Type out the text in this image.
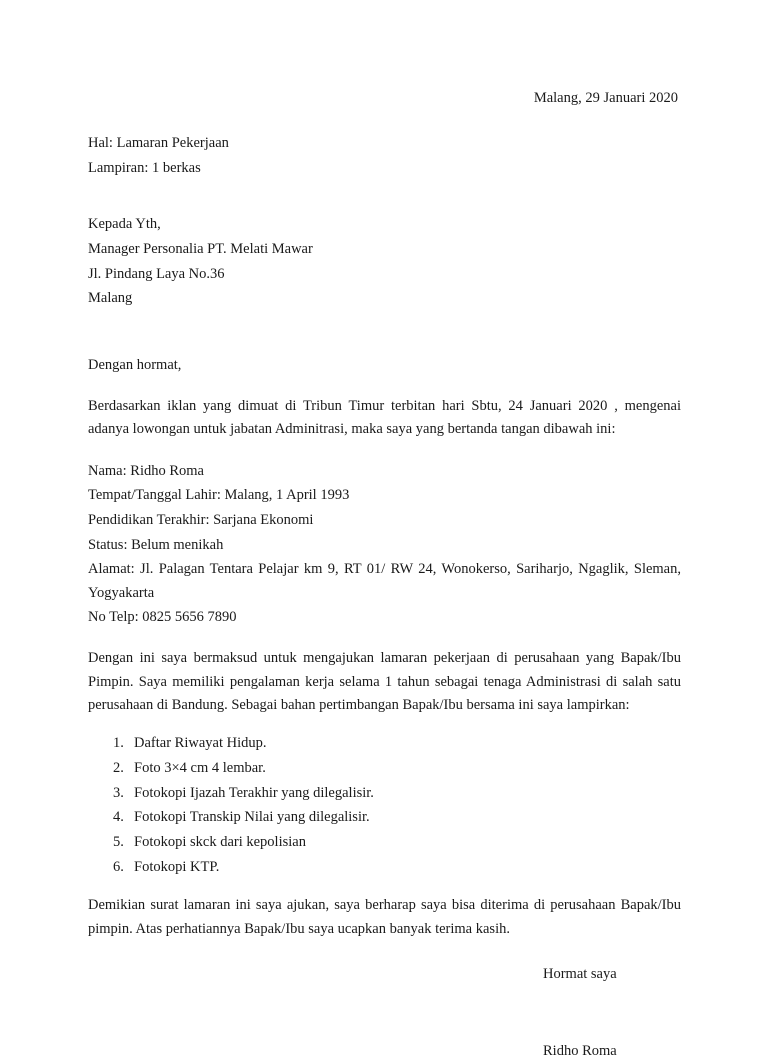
Malang, 29 Januari 2020
Hal: Lamaran Pekerjaan
Lampiran: 1 berkas
Kepada Yth,
Manager Personalia PT. Melati Mawar
Jl. Pindang Laya No.36
Malang
Dengan hormat,
Berdasarkan iklan yang dimuat di Tribun Timur terbitan hari Sbtu, 24 Januari 2020 , mengenai adanya lowongan untuk jabatan Adminitrasi, maka saya yang bertanda tangan dibawah ini:
Nama: Ridho Roma
Tempat/Tanggal Lahir: Malang, 1 April 1993
Pendidikan Terakhir: Sarjana Ekonomi
Status: Belum menikah
Alamat: Jl. Palagan Tentara Pelajar km 9, RT 01/ RW 24, Wonokerso, Sariharjo, Ngaglik, Sleman, Yogyakarta
No Telp: 0825 5656 7890
Dengan ini saya bermaksud untuk mengajukan lamaran pekerjaan di perusahaan yang Bapak/Ibu Pimpin. Saya memiliki pengalaman kerja selama 1 tahun sebagai tenaga Administrasi di salah satu perusahaan di Bandung. Sebagai bahan pertimbangan Bapak/Ibu bersama ini saya lampirkan:
1. Daftar Riwayat Hidup.
2. Foto 3×4 cm 4 lembar.
3. Fotokopi Ijazah Terakhir yang dilegalisir.
4. Fotokopi Transkip Nilai yang dilegalisir.
5. Fotokopi skck dari kepolisian
6. Fotokopi KTP.
Demikian surat lamaran ini saya ajukan, saya berharap saya bisa diterima di perusahaan Bapak/Ibu pimpin. Atas perhatiannya Bapak/Ibu saya ucapkan banyak terima kasih.
Hormat saya
Ridho Roma
